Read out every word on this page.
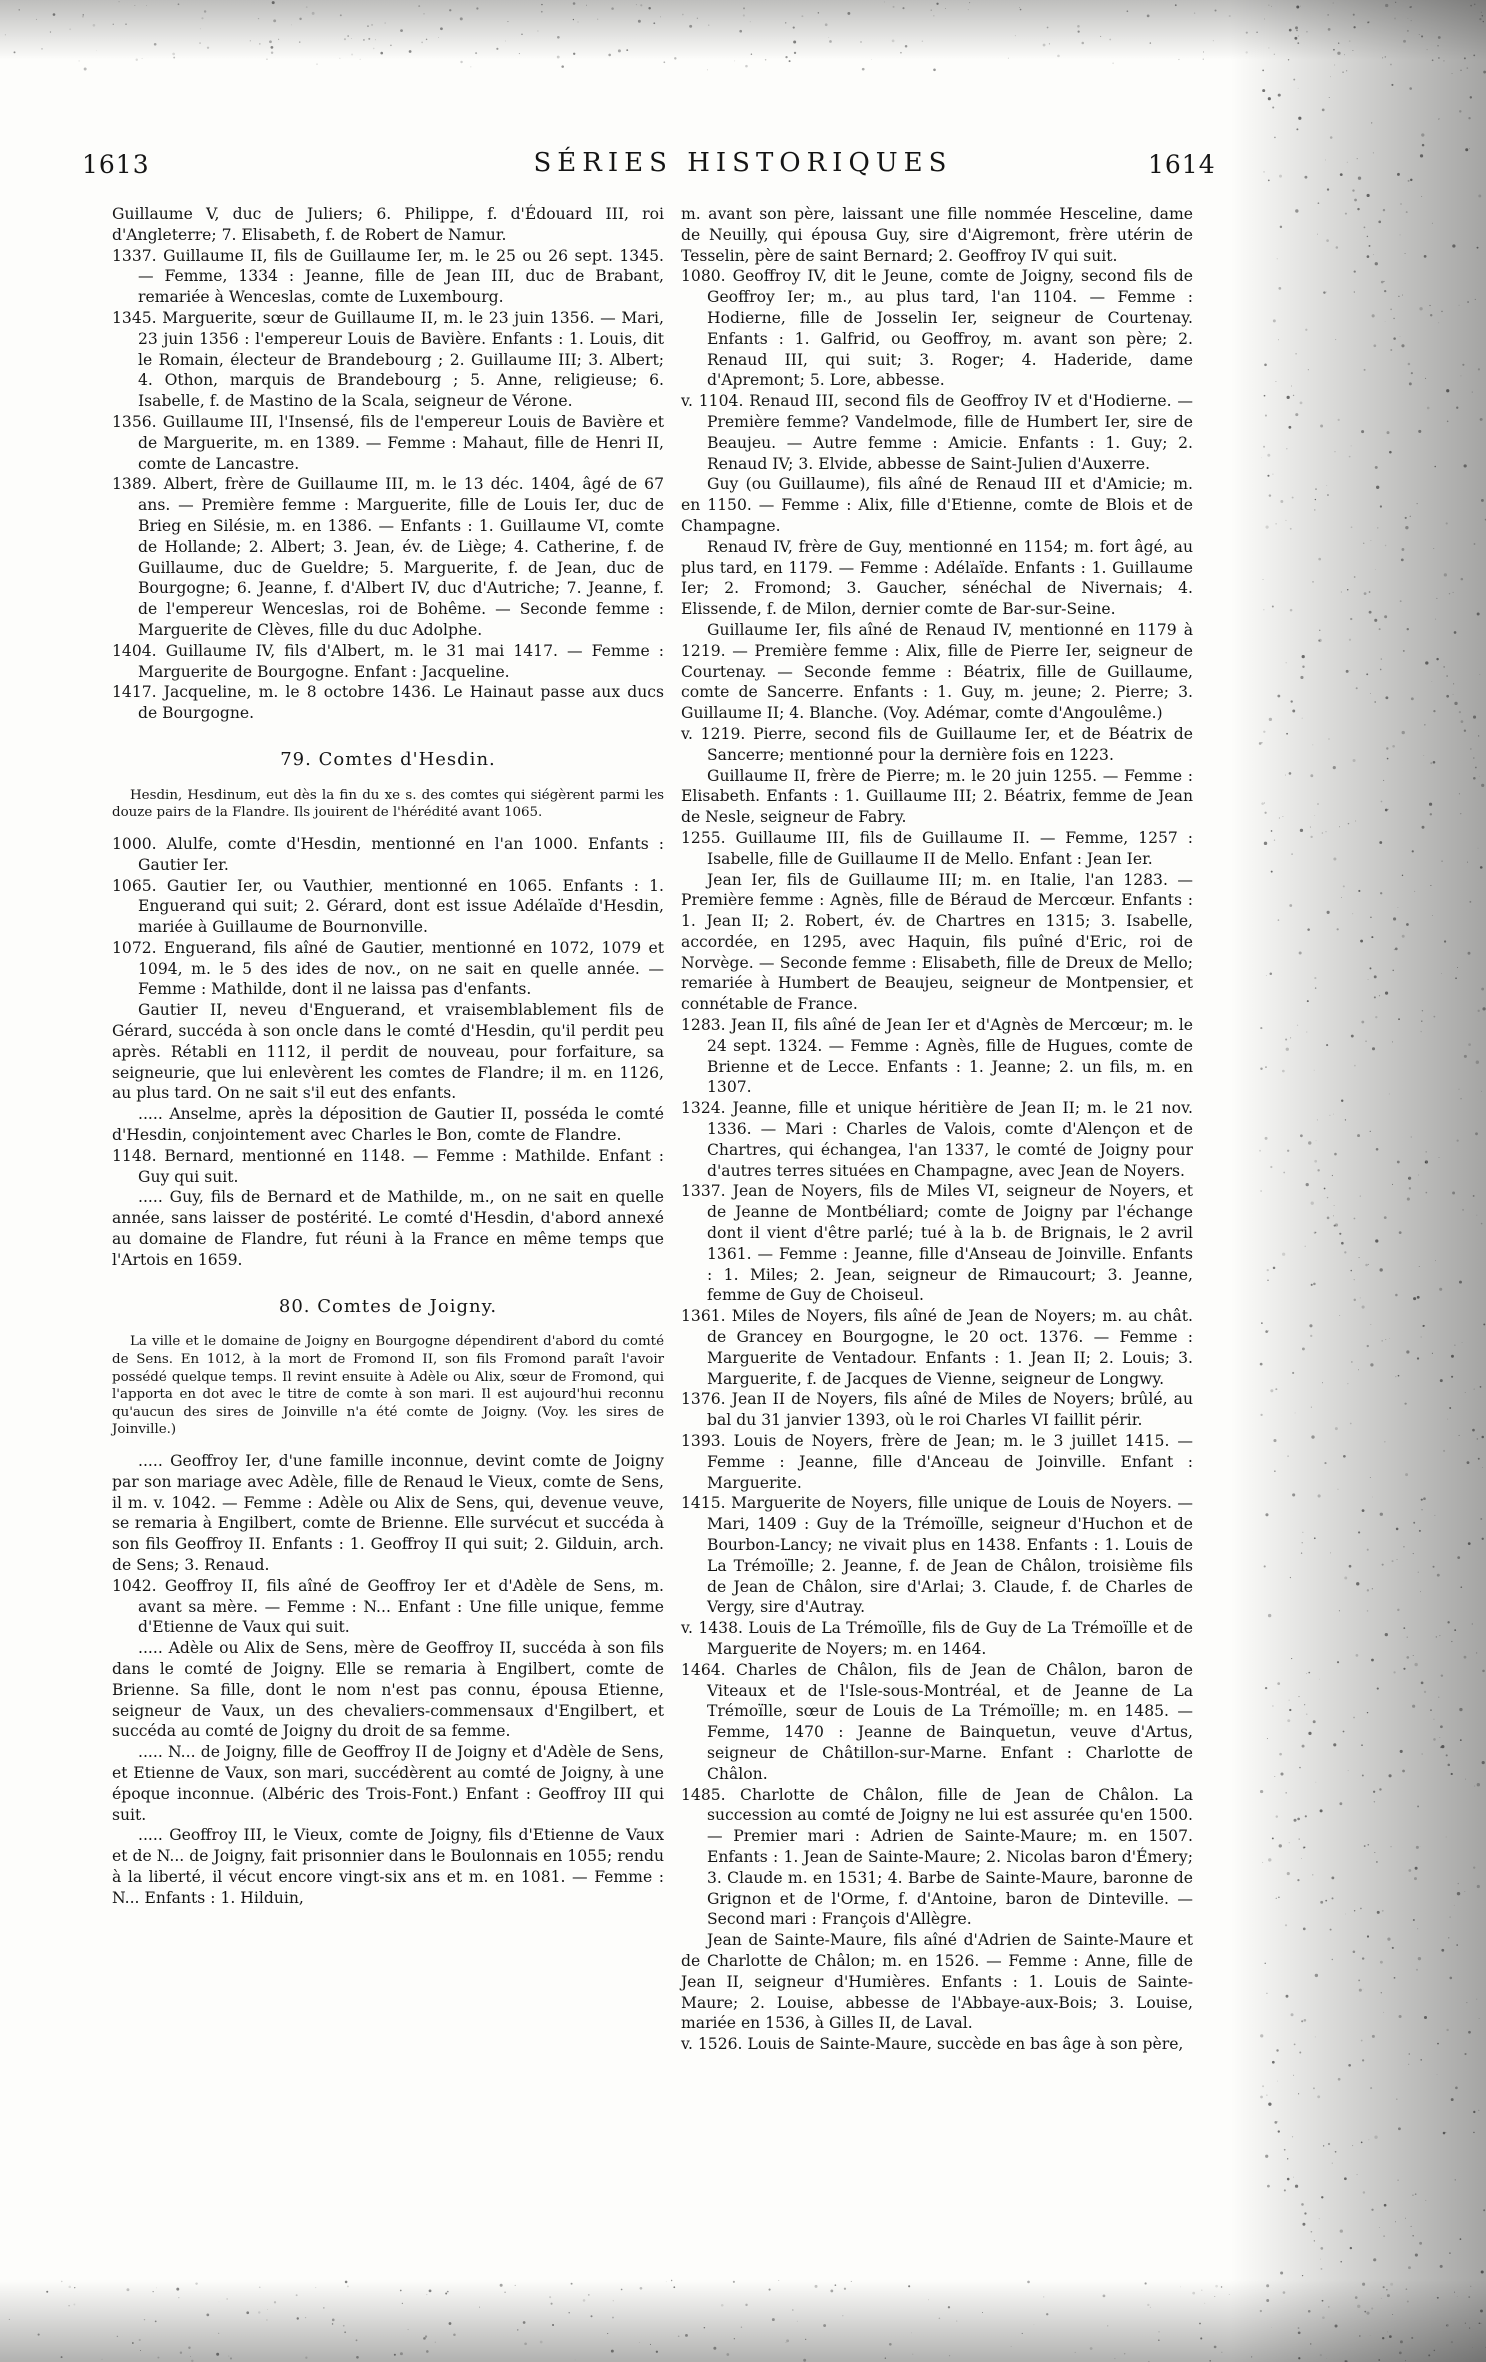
1613	SÉRIES HISTORIQUES	1614

Guillaume V, duc de Juliers; 6. Philippe, f. d'Édouard III, roi d'Angleterre; 7. Elisabeth, f. de Robert de Namur.

1337. Guillaume II, fils de Guillaume Ier, m. le 25 ou 26 sept. 1345. — Femme, 1334 : Jeanne, fille de Jean III, duc de Brabant, remariée à Wenceslas, comte de Luxembourg.

1345. Marguerite, sœur de Guillaume II, m. le 23 juin 1356. — Mari, 23 juin 1356 : l'empereur Louis de Bavière. Enfants : 1. Louis, dit le Romain, électeur de Brandebourg ; 2. Guillaume III; 3. Albert; 4. Othon, marquis de Brandebourg ; 5. Anne, religieuse; 6. Isabelle, f. de Mastino de la Scala, seigneur de Vérone.

1356. Guillaume III, l'Insensé, fils de l'empereur Louis de Bavière et de Marguerite, m. en 1389. — Femme : Mahaut, fille de Henri II, comte de Lancastre.

1389. Albert, frère de Guillaume III, m. le 13 déc. 1404, âgé de 67 ans. — Première femme : Marguerite, fille de Louis Ier, duc de Brieg en Silésie, m. en 1386. — Enfants : 1. Guillaume VI, comte de Hollande; 2. Albert; 3. Jean, év. de Liège; 4. Catherine, f. de Guillaume, duc de Gueldre; 5. Marguerite, f. de Jean, duc de Bourgogne; 6. Jeanne, f. d'Albert IV, duc d'Autriche; 7. Jeanne, f. de l'empereur Wenceslas, roi de Bohême. — Seconde femme : Marguerite de Clèves, fille du duc Adolphe.

1404. Guillaume IV, fils d'Albert, m. le 31 mai 1417. — Femme : Marguerite de Bourgogne. Enfant : Jacqueline.

1417. Jacqueline, m. le 8 octobre 1436. Le Hainaut passe aux ducs de Bourgogne.

79. Comtes d'Hesdin.

Hesdin, Hesdinum, eut dès la fin du xe s. des comtes qui siégèrent parmi les douze pairs de la Flandre. Ils jouirent de l'hérédité avant 1065.

1000. Alulfe, comte d'Hesdin, mentionné en l'an 1000. Enfants : Gautier Ier.

1065. Gautier Ier, ou Vauthier, mentionné en 1065. Enfants : 1. Enguerand qui suit; 2. Gérard, dont est issue Adélaïde d'Hesdin, mariée à Guillaume de Bournonville.

1072. Enguerand, fils aîné de Gautier, mentionné en 1072, 1079 et 1094, m. le 5 des ides de nov., on ne sait en quelle année. — Femme : Mathilde, dont il ne laissa pas d'enfants.

Gautier II, neveu d'Enguerand, et vraisemblablement fils de Gérard, succéda à son oncle dans le comté d'Hesdin, qu'il perdit peu après. Rétabli en 1112, il perdit de nouveau, pour forfaiture, sa seigneurie, que lui enlevèrent les comtes de Flandre; il m. en 1126, au plus tard. On ne sait s'il eut des enfants.

..... Anselme, après la déposition de Gautier II, posséda le comté d'Hesdin, conjointement avec Charles le Bon, comte de Flandre.

1148. Bernard, mentionné en 1148. — Femme : Mathilde. Enfant : Guy qui suit.

..... Guy, fils de Bernard et de Mathilde, m., on ne sait en quelle année, sans laisser de postérité. Le comté d'Hesdin, d'abord annexé au domaine de Flandre, fut réuni à la France en même temps que l'Artois en 1659.

80. Comtes de Joigny.

La ville et le domaine de Joigny en Bourgogne dépendirent d'abord du comté de Sens. En 1012, à la mort de Fromond II, son fils Fromond paraît l'avoir possédé quelque temps. Il revint ensuite à Adèle ou Alix, sœur de Fromond, qui l'apporta en dot avec le titre de comte à son mari. Il est aujourd'hui reconnu qu'aucun des sires de Joinville n'a été comte de Joigny. (Voy. les sires de Joinville.)

..... Geoffroy Ier, d'une famille inconnue, devint comte de Joigny par son mariage avec Adèle, fille de Renaud le Vieux, comte de Sens, il m. v. 1042. — Femme : Adèle ou Alix de Sens, qui, devenue veuve, se remaria à Engilbert, comte de Brienne. Elle survécut et succéda à son fils Geoffroy II. Enfants : 1. Geoffroy II qui suit; 2. Gilduin, arch. de Sens; 3. Renaud.

1042. Geoffroy II, fils aîné de Geoffroy Ier et d'Adèle de Sens, m. avant sa mère. — Femme : N... Enfant : Une fille unique, femme d'Etienne de Vaux qui suit.

..... Adèle ou Alix de Sens, mère de Geoffroy II, succéda à son fils dans le comté de Joigny. Elle se remaria à Engilbert, comte de Brienne. Sa fille, dont le nom n'est pas connu, épousa Etienne, seigneur de Vaux, un des chevaliers-commensaux d'Engilbert, et succéda au comté de Joigny du droit de sa femme.

..... N... de Joigny, fille de Geoffroy II de Joigny et d'Adèle de Sens, et Etienne de Vaux, son mari, succédèrent au comté de Joigny, à une époque inconnue. (Albéric des Trois-Font.) Enfant : Geoffroy III qui suit.

..... Geoffroy III, le Vieux, comte de Joigny, fils d'Etienne de Vaux et de N... de Joigny, fait prisonnier dans le Boulonnais en 1055; rendu à la liberté, il vécut encore vingt-six ans et m. en 1081. — Femme : N... Enfants : 1. Hilduin,

m. avant son père, laissant une fille nommée Hesceline, dame de Neuilly, qui épousa Guy, sire d'Aigremont, frère utérin de Tesselin, père de saint Bernard; 2. Geoffroy IV qui suit.

1080. Geoffroy IV, dit le Jeune, comte de Joigny, second fils de Geoffroy Ier; m., au plus tard, l'an 1104. — Femme : Hodierne, fille de Josselin Ier, seigneur de Courtenay. Enfants : 1. Galfrid, ou Geoffroy, m. avant son père; 2. Renaud III, qui suit; 3. Roger; 4. Haderide, dame d'Apremont; 5. Lore, abbesse.

v. 1104. Renaud III, second fils de Geoffroy IV et d'Hodierne. — Première femme? Vandelmode, fille de Humbert Ier, sire de Beaujeu. — Autre femme : Amicie. Enfants : 1. Guy; 2. Renaud IV; 3. Elvide, abbesse de Saint-Julien d'Auxerre.

Guy (ou Guillaume), fils aîné de Renaud III et d'Amicie; m. en 1150. — Femme : Alix, fille d'Etienne, comte de Blois et de Champagne.

Renaud IV, frère de Guy, mentionné en 1154; m. fort âgé, au plus tard, en 1179. — Femme : Adélaïde. Enfants : 1. Guillaume Ier; 2. Fromond; 3. Gaucher, sénéchal de Nivernais; 4. Elissende, f. de Milon, dernier comte de Bar-sur-Seine.

Guillaume Ier, fils aîné de Renaud IV, mentionné en 1179 à 1219. — Première femme : Alix, fille de Pierre Ier, seigneur de Courtenay. — Seconde femme : Béatrix, fille de Guillaume, comte de Sancerre. Enfants : 1. Guy, m. jeune; 2. Pierre; 3. Guillaume II; 4. Blanche. (Voy. Adémar, comte d'Angoulême.)

v. 1219. Pierre, second fils de Guillaume Ier, et de Béatrix de Sancerre; mentionné pour la dernière fois en 1223.

Guillaume II, frère de Pierre; m. le 20 juin 1255. — Femme : Elisabeth. Enfants : 1. Guillaume III; 2. Béatrix, femme de Jean de Nesle, seigneur de Fabry.

1255. Guillaume III, fils de Guillaume II. — Femme, 1257 : Isabelle, fille de Guillaume II de Mello. Enfant : Jean Ier.

Jean Ier, fils de Guillaume III; m. en Italie, l'an 1283. — Première femme : Agnès, fille de Béraud de Mercœur. Enfants : 1. Jean II; 2. Robert, év. de Chartres en 1315; 3. Isabelle, accordée, en 1295, avec Haquin, fils puîné d'Eric, roi de Norvège. — Seconde femme : Elisabeth, fille de Dreux de Mello; remariée à Humbert de Beaujeu, seigneur de Montpensier, et connétable de France.

1283. Jean II, fils aîné de Jean Ier et d'Agnès de Mercœur; m. le 24 sept. 1324. — Femme : Agnès, fille de Hugues, comte de Brienne et de Lecce. Enfants : 1. Jeanne; 2. un fils, m. en 1307.

1324. Jeanne, fille et unique héritière de Jean II; m. le 21 nov. 1336. — Mari : Charles de Valois, comte d'Alençon et de Chartres, qui échangea, l'an 1337, le comté de Joigny pour d'autres terres situées en Champagne, avec Jean de Noyers.

1337. Jean de Noyers, fils de Miles VI, seigneur de Noyers, et de Jeanne de Montbéliard; comte de Joigny par l'échange dont il vient d'être parlé; tué à la b. de Brignais, le 2 avril 1361. — Femme : Jeanne, fille d'Anseau de Joinville. Enfants : 1. Miles; 2. Jean, seigneur de Rimaucourt; 3. Jeanne, femme de Guy de Choiseul.

1361. Miles de Noyers, fils aîné de Jean de Noyers; m. au chât. de Grancey en Bourgogne, le 20 oct. 1376. — Femme : Marguerite de Ventadour. Enfants : 1. Jean II; 2. Louis; 3. Marguerite, f. de Jacques de Vienne, seigneur de Longwy.

1376. Jean II de Noyers, fils aîné de Miles de Noyers; brûlé, au bal du 31 janvier 1393, où le roi Charles VI faillit périr.

1393. Louis de Noyers, frère de Jean; m. le 3 juillet 1415. — Femme : Jeanne, fille d'Anceau de Joinville. Enfant : Marguerite.

1415. Marguerite de Noyers, fille unique de Louis de Noyers. — Mari, 1409 : Guy de la Trémoïlle, seigneur d'Huchon et de Bourbon-Lancy; ne vivait plus en 1438. Enfants : 1. Louis de La Trémoïlle; 2. Jeanne, f. de Jean de Châlon, troisième fils de Jean de Châlon, sire d'Arlai; 3. Claude, f. de Charles de Vergy, sire d'Autray.

v. 1438. Louis de La Trémoïlle, fils de Guy de La Trémoïlle et de Marguerite de Noyers; m. en 1464.

1464. Charles de Châlon, fils de Jean de Châlon, baron de Viteaux et de l'Isle-sous-Montréal, et de Jeanne de La Trémoïlle, sœur de Louis de La Trémoïlle; m. en 1485. — Femme, 1470 : Jeanne de Bainquetun, veuve d'Artus, seigneur de Châtillon-sur-Marne. Enfant : Charlotte de Châlon.

1485. Charlotte de Châlon, fille de Jean de Châlon. La succession au comté de Joigny ne lui est assurée qu'en 1500. — Premier mari : Adrien de Sainte-Maure; m. en 1507. Enfants : 1. Jean de Sainte-Maure; 2. Nicolas baron d'Émery; 3. Claude m. en 1531; 4. Barbe de Sainte-Maure, baronne de Grignon et de l'Orme, f. d'Antoine, baron de Dinteville. — Second mari : François d'Allègre.

Jean de Sainte-Maure, fils aîné d'Adrien de Sainte-Maure et de Charlotte de Châlon; m. en 1526. — Femme : Anne, fille de Jean II, seigneur d'Humières. Enfants : 1. Louis de Sainte-Maure; 2. Louise, abbesse de l'Abbaye-aux-Bois; 3. Louise, mariée en 1536, à Gilles II, de Laval.

v. 1526. Louis de Sainte-Maure, succède en bas âge à son père,
